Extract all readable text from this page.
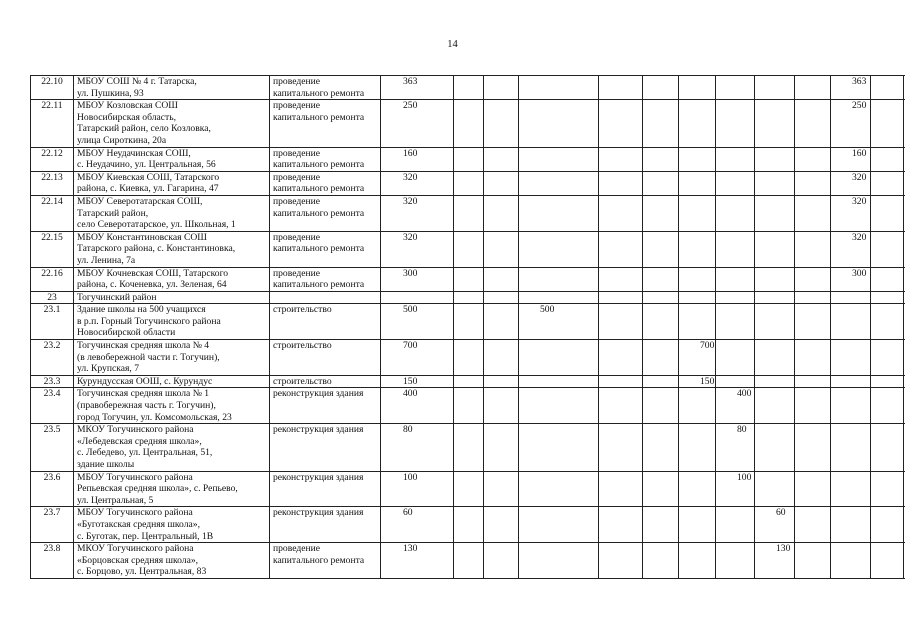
14
22.10	МБОУ СОШ № 4 г. Татарска,
ул. Пушкина, 93	проведение
капитального ремонта	363										363		
22.11	МБОУ Козловская СОШ
Новосибирская область,
Татарский район, село Козловка,
улица Сироткина, 20а	проведение
капитального ремонта	250										250		
22.12	МБОУ Неудачинская СОШ,
с. Неудачино, ул. Центральная, 56	проведение
капитального ремонта	160										160		
22.13	МБОУ Киевская СОШ, Татарского
района, с. Киевка, ул. Гагарина, 47	проведение
капитального ремонта	320										320		
22.14	МБОУ Северотатарская СОШ,
Татарский район,
село Северотатарское, ул. Школьная, 1	проведение
капитального ремонта	320										320		
22.15	МБОУ Константиновская СОШ
Татарского района, с. Константиновка,
ул. Ленина, 7а	проведение
капитального ремонта	320										320		
22.16	МБОУ Кочневская СОШ, Татарского
района, с. Коченевка, ул. Зеленая, 64	проведение
капитального ремонта	300										300		
23	Тогучинский район														
23.1	Здание школы на 500 учащихся
в р.п. Горный Тогучинского района
Новосибирской области	строительство	500			500									
23.2	Тогучинская средняя школа № 4
(в левобережной части г. Тогучин),
ул. Крупская, 7	строительство	700						700						
23.3	Курундусская ООШ, с. Курундус	строительство	150						150						
23.4	Тогучинская средняя школа № 1
(правобережная часть г. Тогучин),
город Тогучин, ул. Комсомольская, 23	реконструкция здания	400							400					
23.5	МКОУ Тогучинского района
«Лебедевская средняя школа»,
с. Лебедево, ул. Центральная, 51,
здание школы	реконструкция здания	80							80					
23.6	МБОУ Тогучинского района
Репьевская средняя школа», с. Репьево,
ул. Центральная, 5	реконструкция здания	100							100					
23.7	МБОУ Тогучинского района
«Буготакская средняя школа»,
с. Буготак, пер. Центральный, 1В	реконструкция здания	60								60				
23.8	МКОУ Тогучинского района
«Борцовская средняя школа»,
с. Борцово, ул. Центральная, 83	проведение
капитального ремонта	130								130				
